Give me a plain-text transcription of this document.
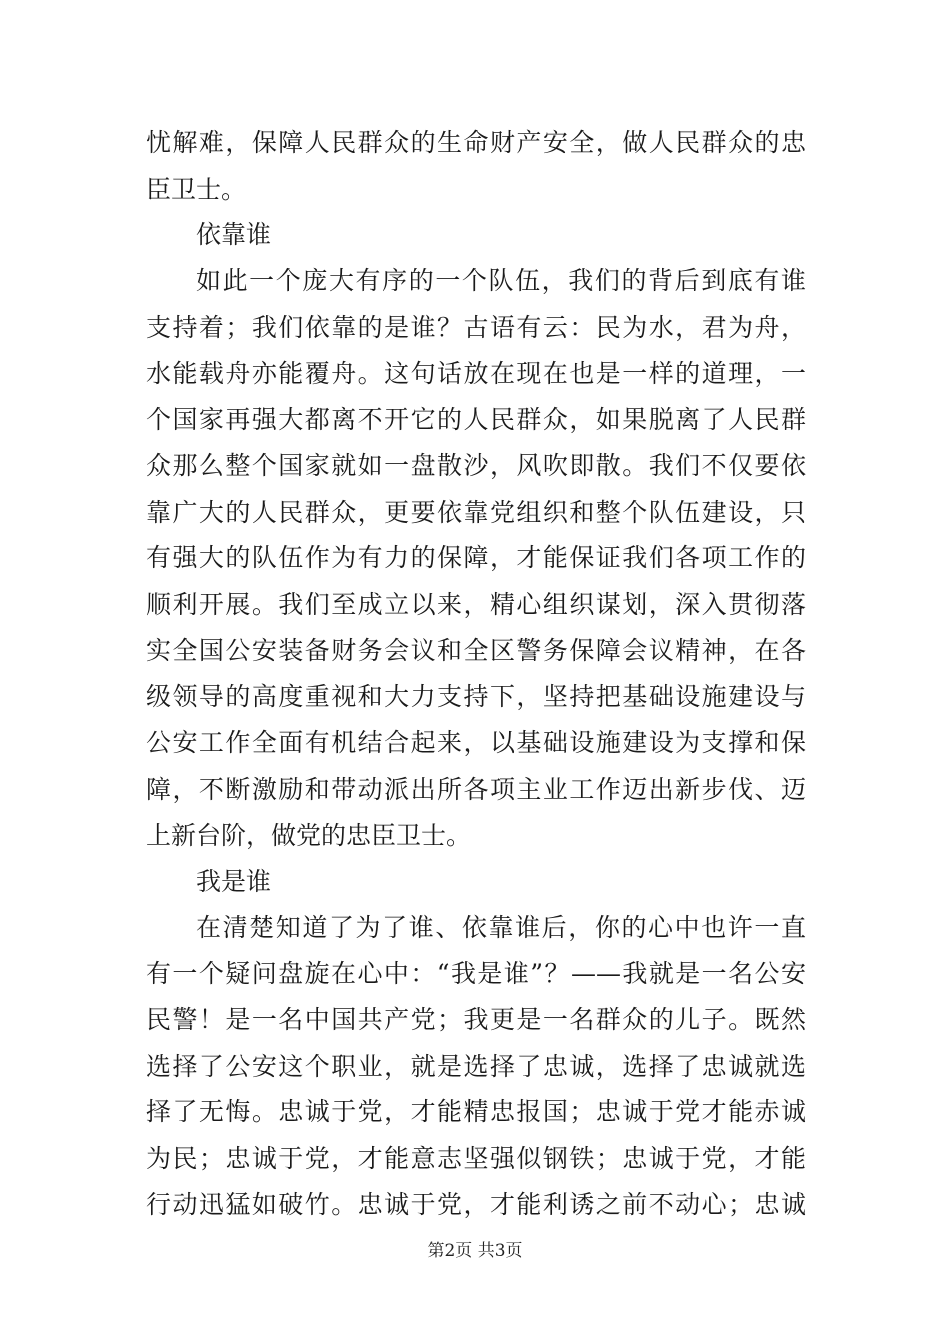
忧解难，保障人民群众的生命财产安全，做人民群众的忠
臣卫士。
依靠谁
如此一个庞大有序的一个队伍，我们的背后到底有谁
支持着；我们依靠的是谁？古语有云：民为水，君为舟，
水能载舟亦能覆舟。这句话放在现在也是一样的道理，一
个国家再强大都离不开它的人民群众，如果脱离了人民群
众那么整个国家就如一盘散沙，风吹即散。我们不仅要依
靠广大的人民群众，更要依靠党组织和整个队伍建设，只
有强大的队伍作为有力的保障，才能保证我们各项工作的
顺利开展。我们至成立以来，精心组织谋划，深入贯彻落
实全国公安装备财务会议和全区警务保障会议精神，在各
级领导的高度重视和大力支持下，坚持把基础设施建设与
公安工作全面有机结合起来，以基础设施建设为支撑和保
障，不断激励和带动派出所各项主业工作迈出新步伐、迈
上新台阶，做党的忠臣卫士。
我是谁
在清楚知道了为了谁、依靠谁后，你的心中也许一直
有一个疑问盘旋在心中：“我是谁”？——我就是一名公安
民警！是一名中国共产党；我更是一名群众的儿子。既然
选择了公安这个职业，就是选择了忠诚，选择了忠诚就选
择了无悔。忠诚于党，才能精忠报国；忠诚于党才能赤诚
为民；忠诚于党，才能意志坚强似钢铁；忠诚于党，才能
行动迅猛如破竹。忠诚于党，才能利诱之前不动心；忠诚
第2页 共3页
